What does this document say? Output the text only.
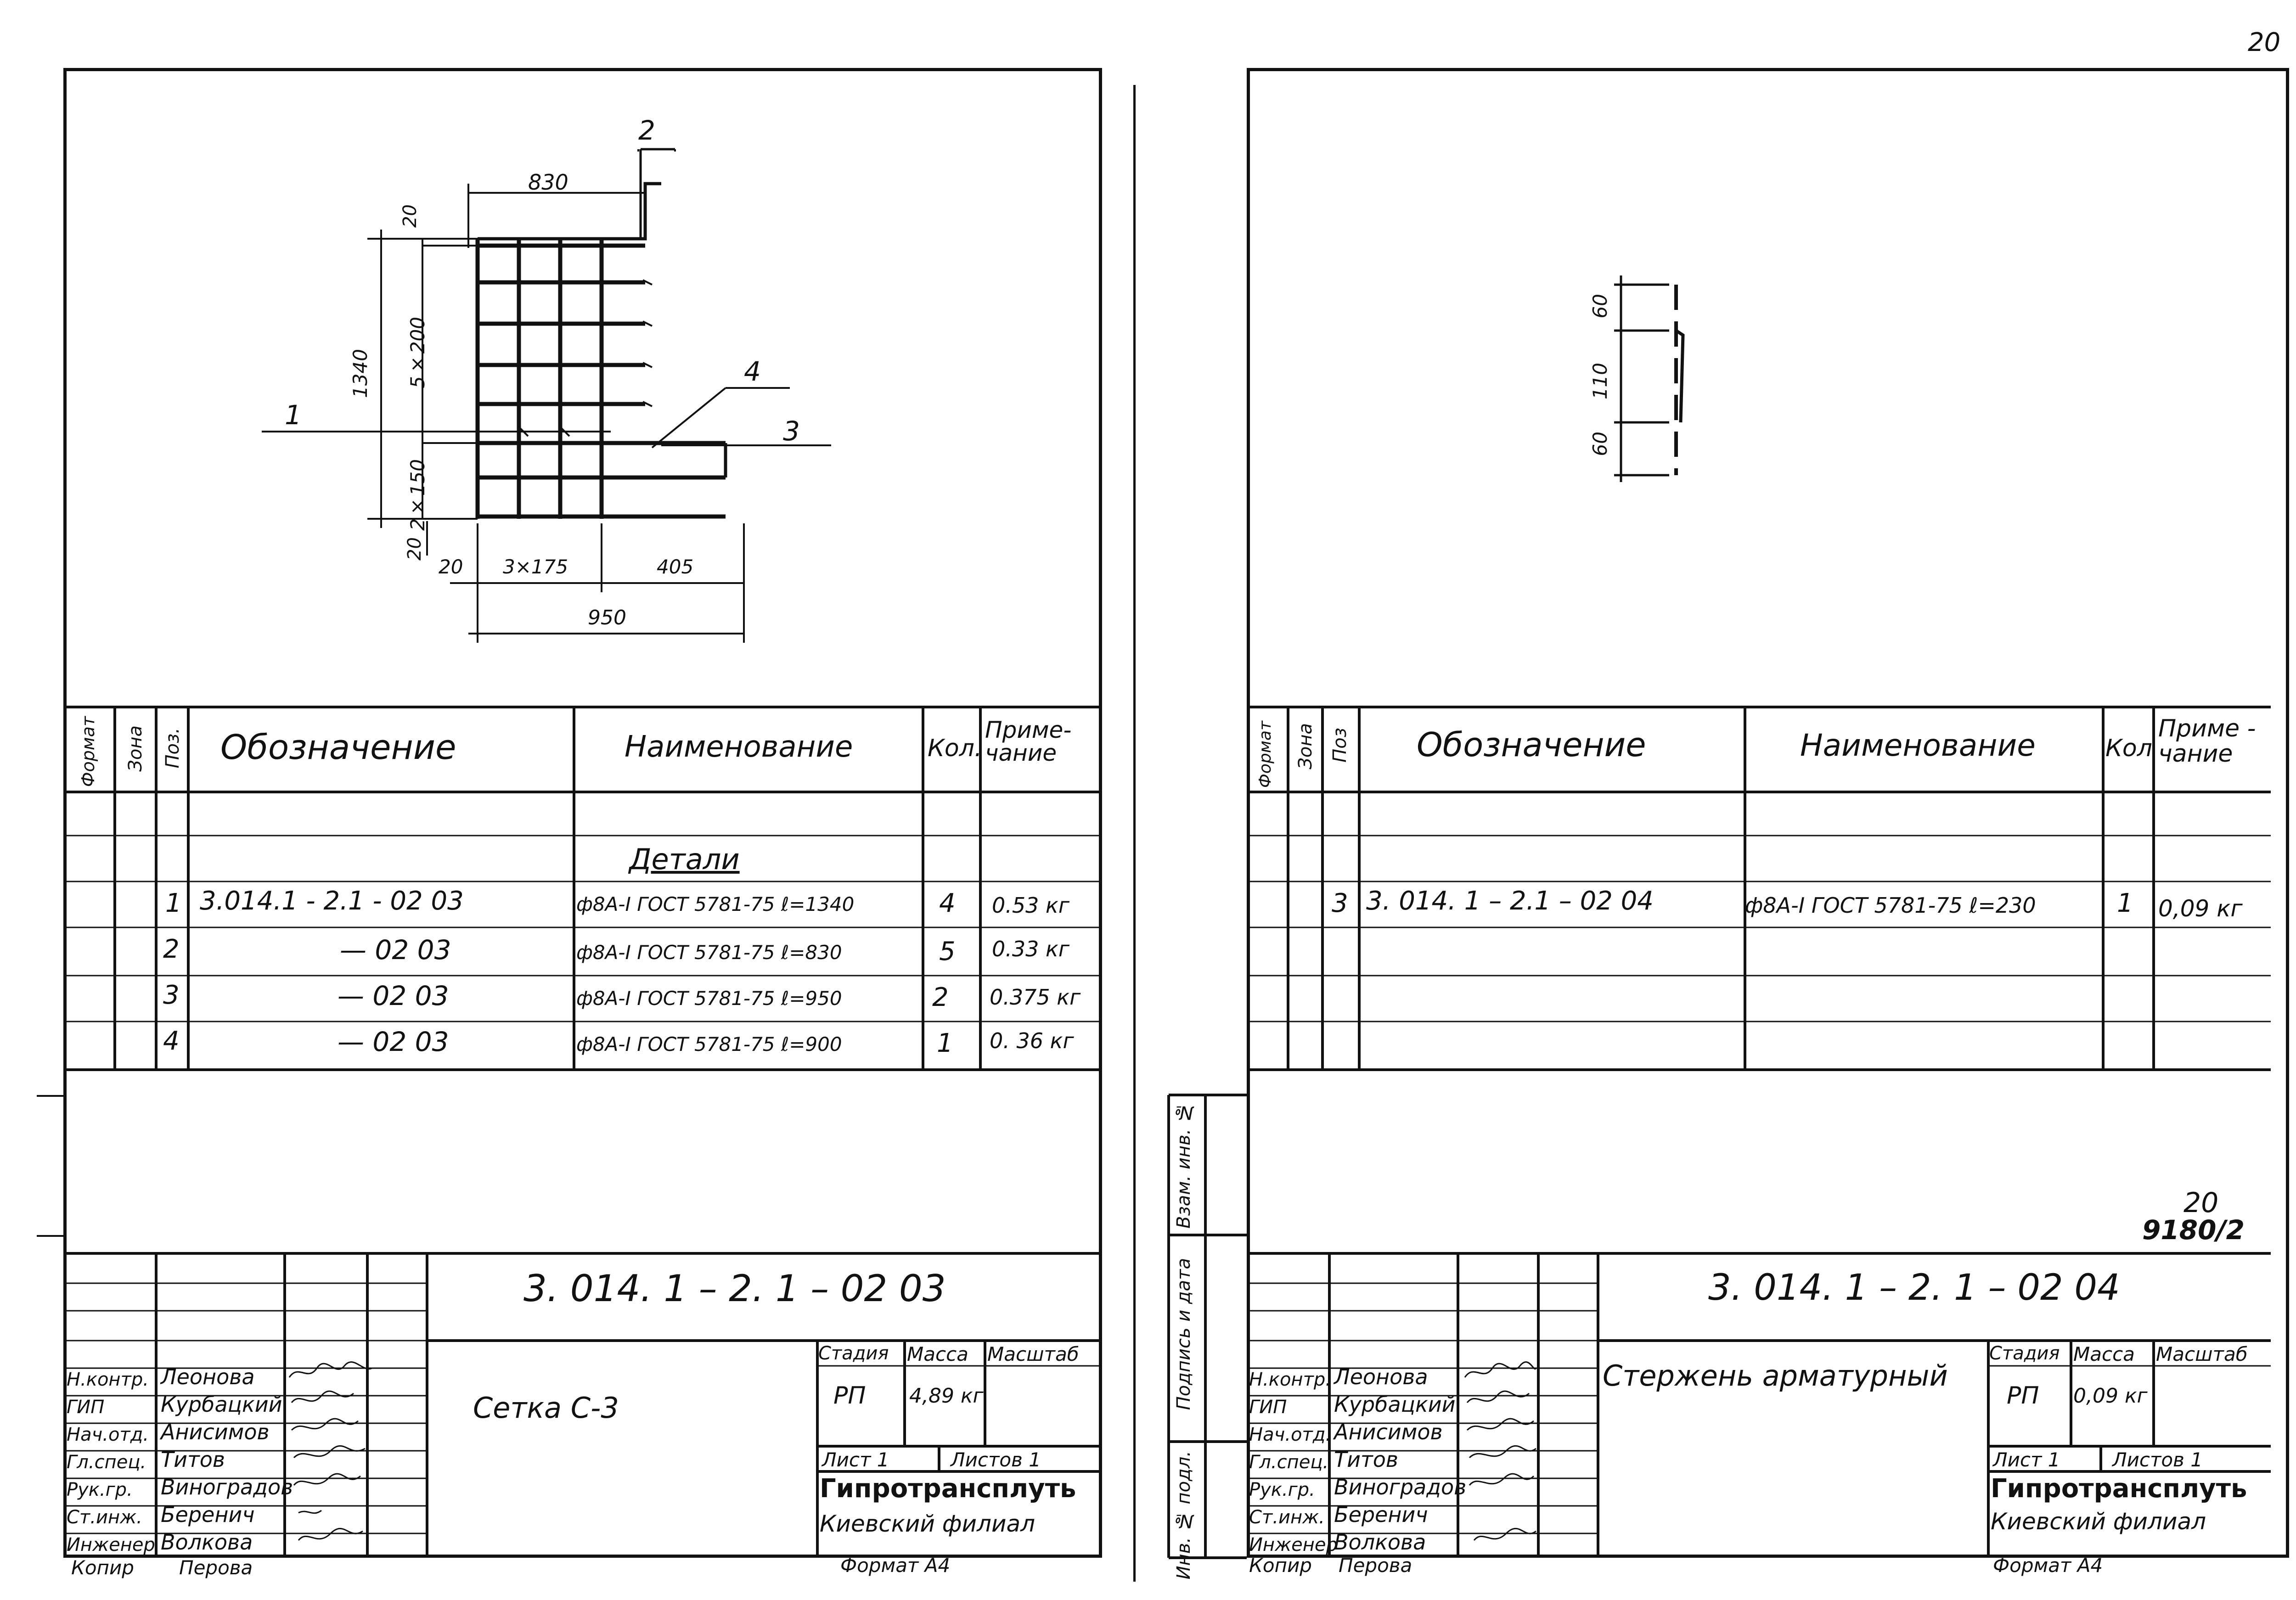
20
830
1340 5×200
2×150
20
20
20 3×175	405
950
1
2
3
4
Формат Зона Поз. Обозначение	Наименование	Кол.
Приме-
чание
Детали
1 3.014.1 - 2.1 - 02 03	ф8А-I ГОСТ 5781-75 ℓ=1340	4 0.53 кг
2	— 02 03	ф8А-I ГОСТ 5781-75 ℓ=830	5 0.33 кг
3	— 02 03	ф8А-I ГОСТ 5781-75 ℓ=950	2 0.375 кг
4	— 02 03	ф8А-I ГОСТ 5781-75 ℓ=900	1 0. 36 кг
3. 014. 1 – 2. 1 – 02 03
Сетка С-3
Стадия Масса Масштаб
РП 4,89 кг
Лист 1	Листов 1
Гипротрансплуть
Киевский филиал
Формат А4
Копир Перова
Н.контр. Леонова
ГИП	Курбацкий
Нач.отд. Анисимов
Гл.спец. Титов
Рук.гр. Виноградов
Ст.инж. Беренич
Инженер Волкова	Инв. № подл.
Подпись и дата
Взам. инв. №
60
110
60
Формат Зона Поз Обозначение	Наименование	Кол
Приме -
чание
3 3. 014. 1 – 2.1 – 02 04	ф8А-I ГОСТ 5781-75 ℓ=230	1 0,09 кг
20
9180/2
3. 014. 1 – 2. 1 – 02 04
Стержень арматурный
Стадия Масса Масштаб
РП 0,09 кг
Лист 1	Листов 1
Гипротрансплуть
Киевский филиал
Формат А4
Копир Перова
Н.контр. Леонова
ГИП Курбацкий
Нач.отд. Анисимов
Гл.спец. Титов
Рук.гр. Виноградов
Ст.инж. Беренич
Инженер
Волкова
